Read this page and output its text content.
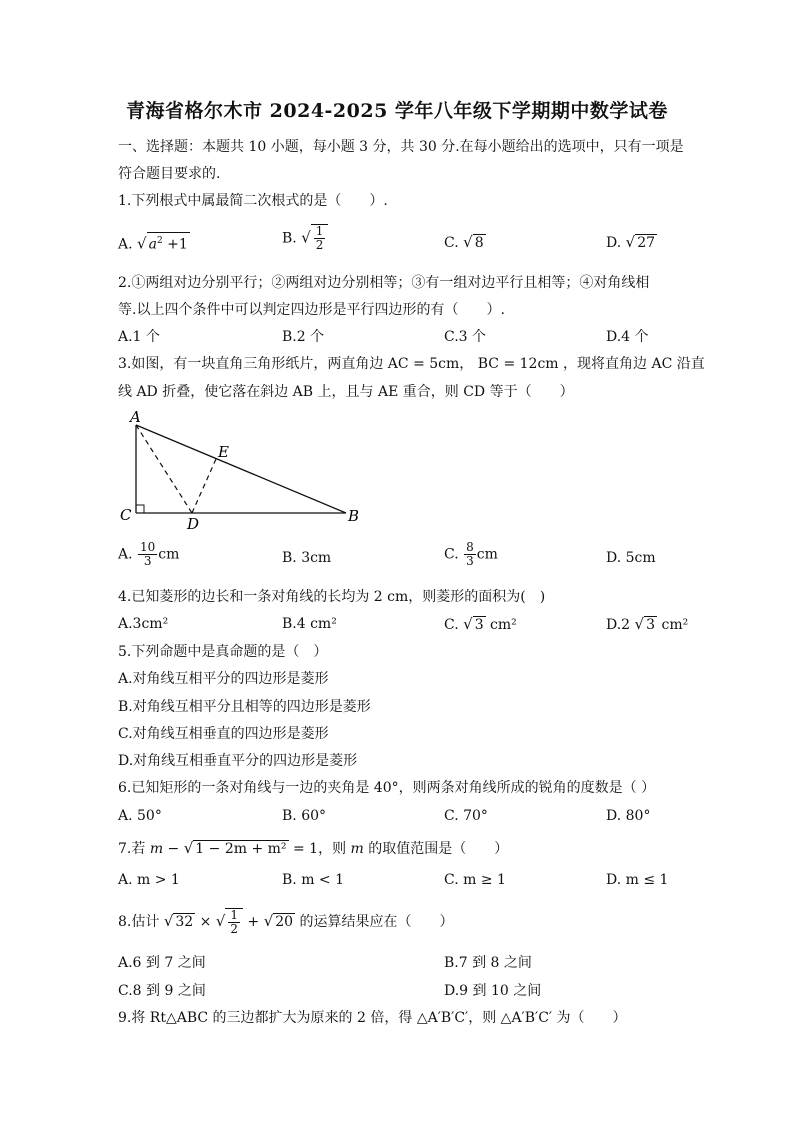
青海省格尔木市 2024-2025 学年八年级下学期期中数学试卷
一、选择题：本题共 10 小题，每小题 3 分，共 30 分.在每小题给出的选项中，只有一项是
符合题目要求的.
1.下列根式中属最简二次根式的是（　　）.
A. √ $a^2 +1$	B. √ $\frac{1}{2}$	C. √ 8	D. √ 27
2.①两组对边分别平行；②两组对边分别相等；③有一组对边平行且相等；④对角线相
等.以上四个条件中可以判定四边形是平行四边形的有（　　）.
A.1 个	B.2 个	C.3 个	D.4 个
3.如图，有一块直角三角形纸片，两直角边 AC = 5cm， BC = 12cm ，现将直角边 AC 沿直
线 AD 折叠，使它落在斜边 AB 上，且与 AE 重合，则 CD 等于（　　）
A
B
C	D
E
A. $\frac{10}{3}$ cm	B. 3cm	C. $\frac{8}{3}$ cm	D. 5cm
4.已知菱形的边长和一条对角线的长均为 2 cm，则菱形的面积为(　)
A.3cm²	B.4 cm²	C. √ 3 cm²	D.2 √ 3 cm²
5.下列命题中是真命题的是（　）
A.对角线互相平分的四边形是菱形
B.对角线互相平分且相等的四边形是菱形
C.对角线互相垂直的四边形是菱形
D.对角线互相垂直平分的四边形是菱形
6.已知矩形的一条对角线与一边的夹角是 40°，则两条对角线所成的锐角的度数是（ ）
A. 50°	B. 60°	C. 70°	D. 80°
7.若 m − √ 1 − 2m + m² = 1，则 m 的取值范围是（　　）
A. m > 1	B. m < 1	C. m ≥ 1	D. m ≤ 1
8.估计 √ 32 × √ $\frac{1}{2}$ + √ 20 的运算结果应在（　　）
A.6 到 7 之间	B.7 到 8 之间
C.8 到 9 之间	D.9 到 10 之间
9.将 Rt△ABC 的三边都扩大为原来的 2 倍，得 △A′B′C′，则 △A′B′C′ 为（　　）
